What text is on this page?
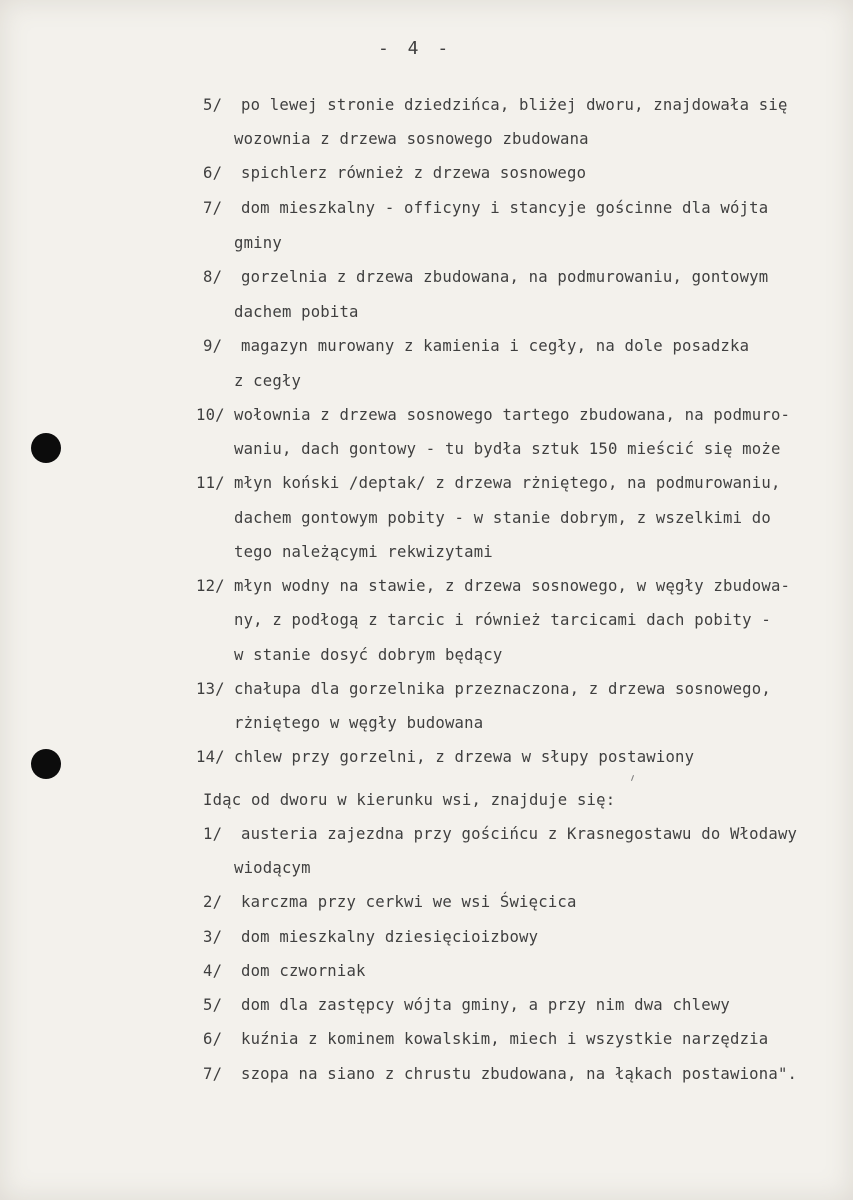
- 4 -
5/ po lewej stronie dziedzińca, bliżej dworu, znajdowała się
wozownia z drzewa sosnowego zbudowana
6/ spichlerz również z drzewa sosnowego
7/ dom mieszkalny - officyny i stancyje gościnne dla wójta
gminy
8/ gorzelnia z drzewa zbudowana, na podmurowaniu, gontowym
dachem pobita
9/ magazyn murowany z kamienia i cegły, na dole posadzka
z cegły
10/ wołownia z drzewa sosnowego tartego zbudowana, na podmuro-
waniu, dach gontowy - tu bydła sztuk 150 mieścić się może
11/ młyn koński /deptak/ z drzewa rżniętego, na podmurowaniu,
dachem gontowym pobity - w stanie dobrym, z wszelkimi do
tego należącymi rekwizytami
12/ młyn wodny na stawie, z drzewa sosnowego, w węgły zbudowa-
ny, z podłogą z tarcic i również tarcicami dach pobity -
w stanie dosyć dobrym będący
13/ chałupa dla gorzelnika przeznaczona, z drzewa sosnowego,
rżniętego w węgły budowana
14/ chlew przy gorzelni, z drzewa w słupy postawiony
Idąc od dworu w kierunku wsi, znajduje się:
1/ austeria zajezdna przy gościńcu z Krasnegostawu do Włodawy
wiodącym
2/ karczma przy cerkwi we wsi Święcica
3/ dom mieszkalny dziesięcioizbowy
4/ dom czworniak
5/ dom dla zastępcy wójta gminy, a przy nim dwa chlewy
6/ kuźnia z kominem kowalskim, miech i wszystkie narzędzia
7/ szopa na siano z chrustu zbudowana, na łąkach postawiona".
